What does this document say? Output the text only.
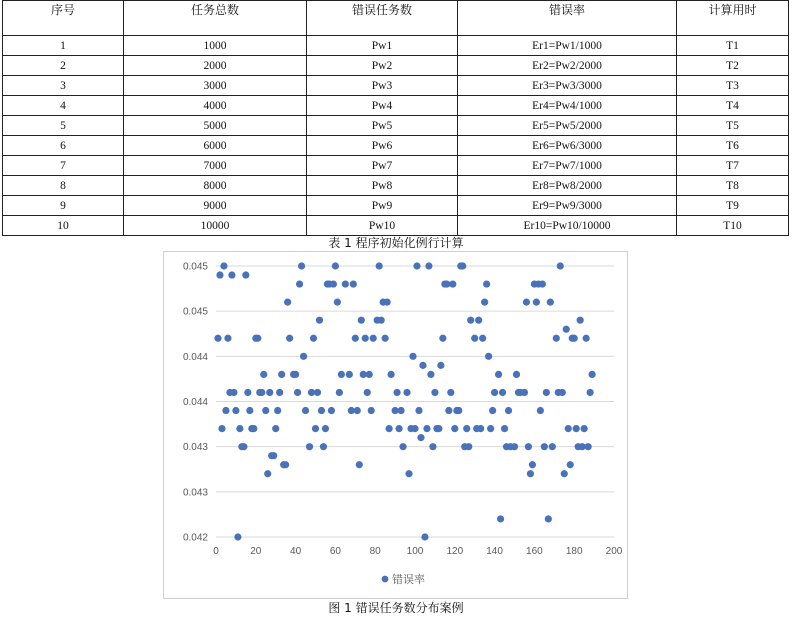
序号	任务总数	错误任务数	错误率	计算用时
1	1000	Pw1	Er1=Pw1/1000	T1
2	2000	Pw2	Er2=Pw2/2000	T2
3	3000	Pw3	Er3=Pw3/3000	T3
4	4000	Pw4	Er4=Pw4/1000	T4
5	5000	Pw5	Er5=Pw5/2000	T5
6	6000	Pw6	Er6=Pw6/3000	T6
7	7000	Pw7	Er7=Pw7/1000	T7
8	8000	Pw8	Er8=Pw8/2000	T8
9	9000	Pw9	Er9=Pw9/3000	T9
10	10000	Pw10	Er10=Pw10/10000	T10
表 1 程序初始化例行计算
0.045
0.045
0.044
0.044
0.043
0.043
0.042
0	20	40	60	80	100 120 140 160 180 200
错误率
图 1 错误任务数分布案例
